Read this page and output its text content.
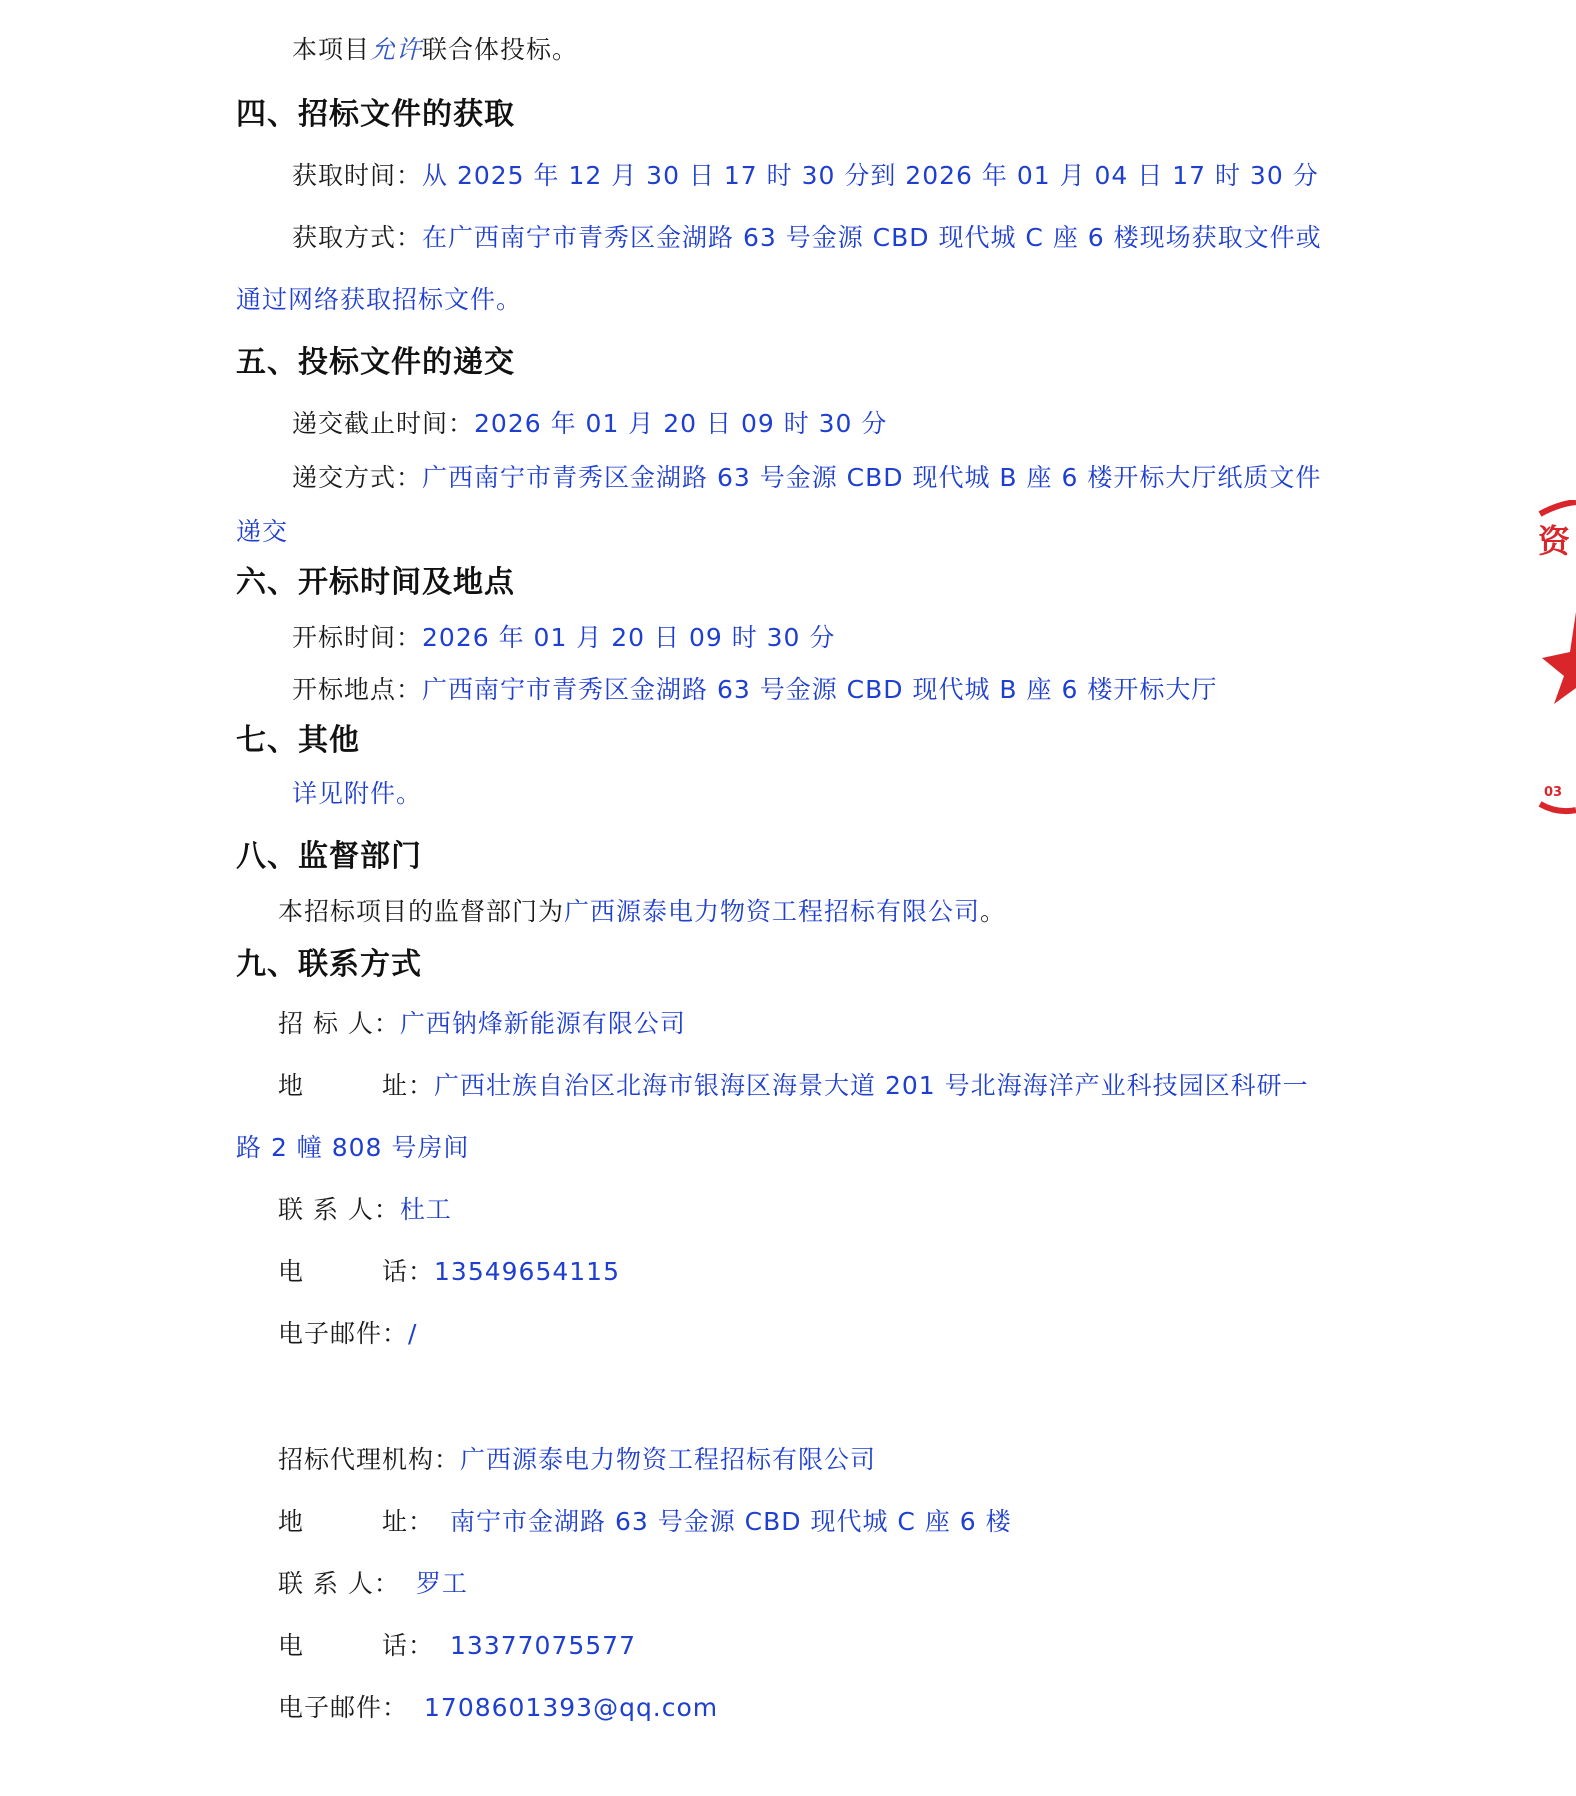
本项目允许联合体投标。
四、招标文件的获取
获取时间：从 2025 年 12 月 30 日 17 时 30 分到 2026 年 01 月 04 日 17 时 30 分
获取方式：在广西南宁市青秀区金湖路 63 号金源 CBD 现代城 C 座 6 楼现场获取文件或
通过网络获取招标文件。
五、投标文件的递交
递交截止时间：2026 年 01 月 20 日 09 时 30 分
递交方式：广西南宁市青秀区金湖路 63 号金源 CBD 现代城 B 座 6 楼开标大厅纸质文件
递交
六、开标时间及地点
开标时间：2026 年 01 月 20 日 09 时 30 分
开标地点：广西南宁市青秀区金湖路 63 号金源 CBD 现代城 B 座 6 楼开标大厅
七、其他
详见附件。
八、监督部门
本招标项目的监督部门为广西源泰电力物资工程招标有限公司。
九、联系方式
招 标 人：广西钠烽新能源有限公司
地	址：广西壮族自治区北海市银海区海景大道 201 号北海海洋产业科技园区科研一
路 2 幢 808 号房间
联 系 人：杜工
电	话：13549654115
电子邮件：/
招标代理机构：广西源泰电力物资工程招标有限公司
地	址： 南宁市金湖路 63 号金源 CBD 现代城 C 座 6 楼
联 系 人： 罗工
电	话： 13377075577
电子邮件： 1708601393@qq.com
资
03
